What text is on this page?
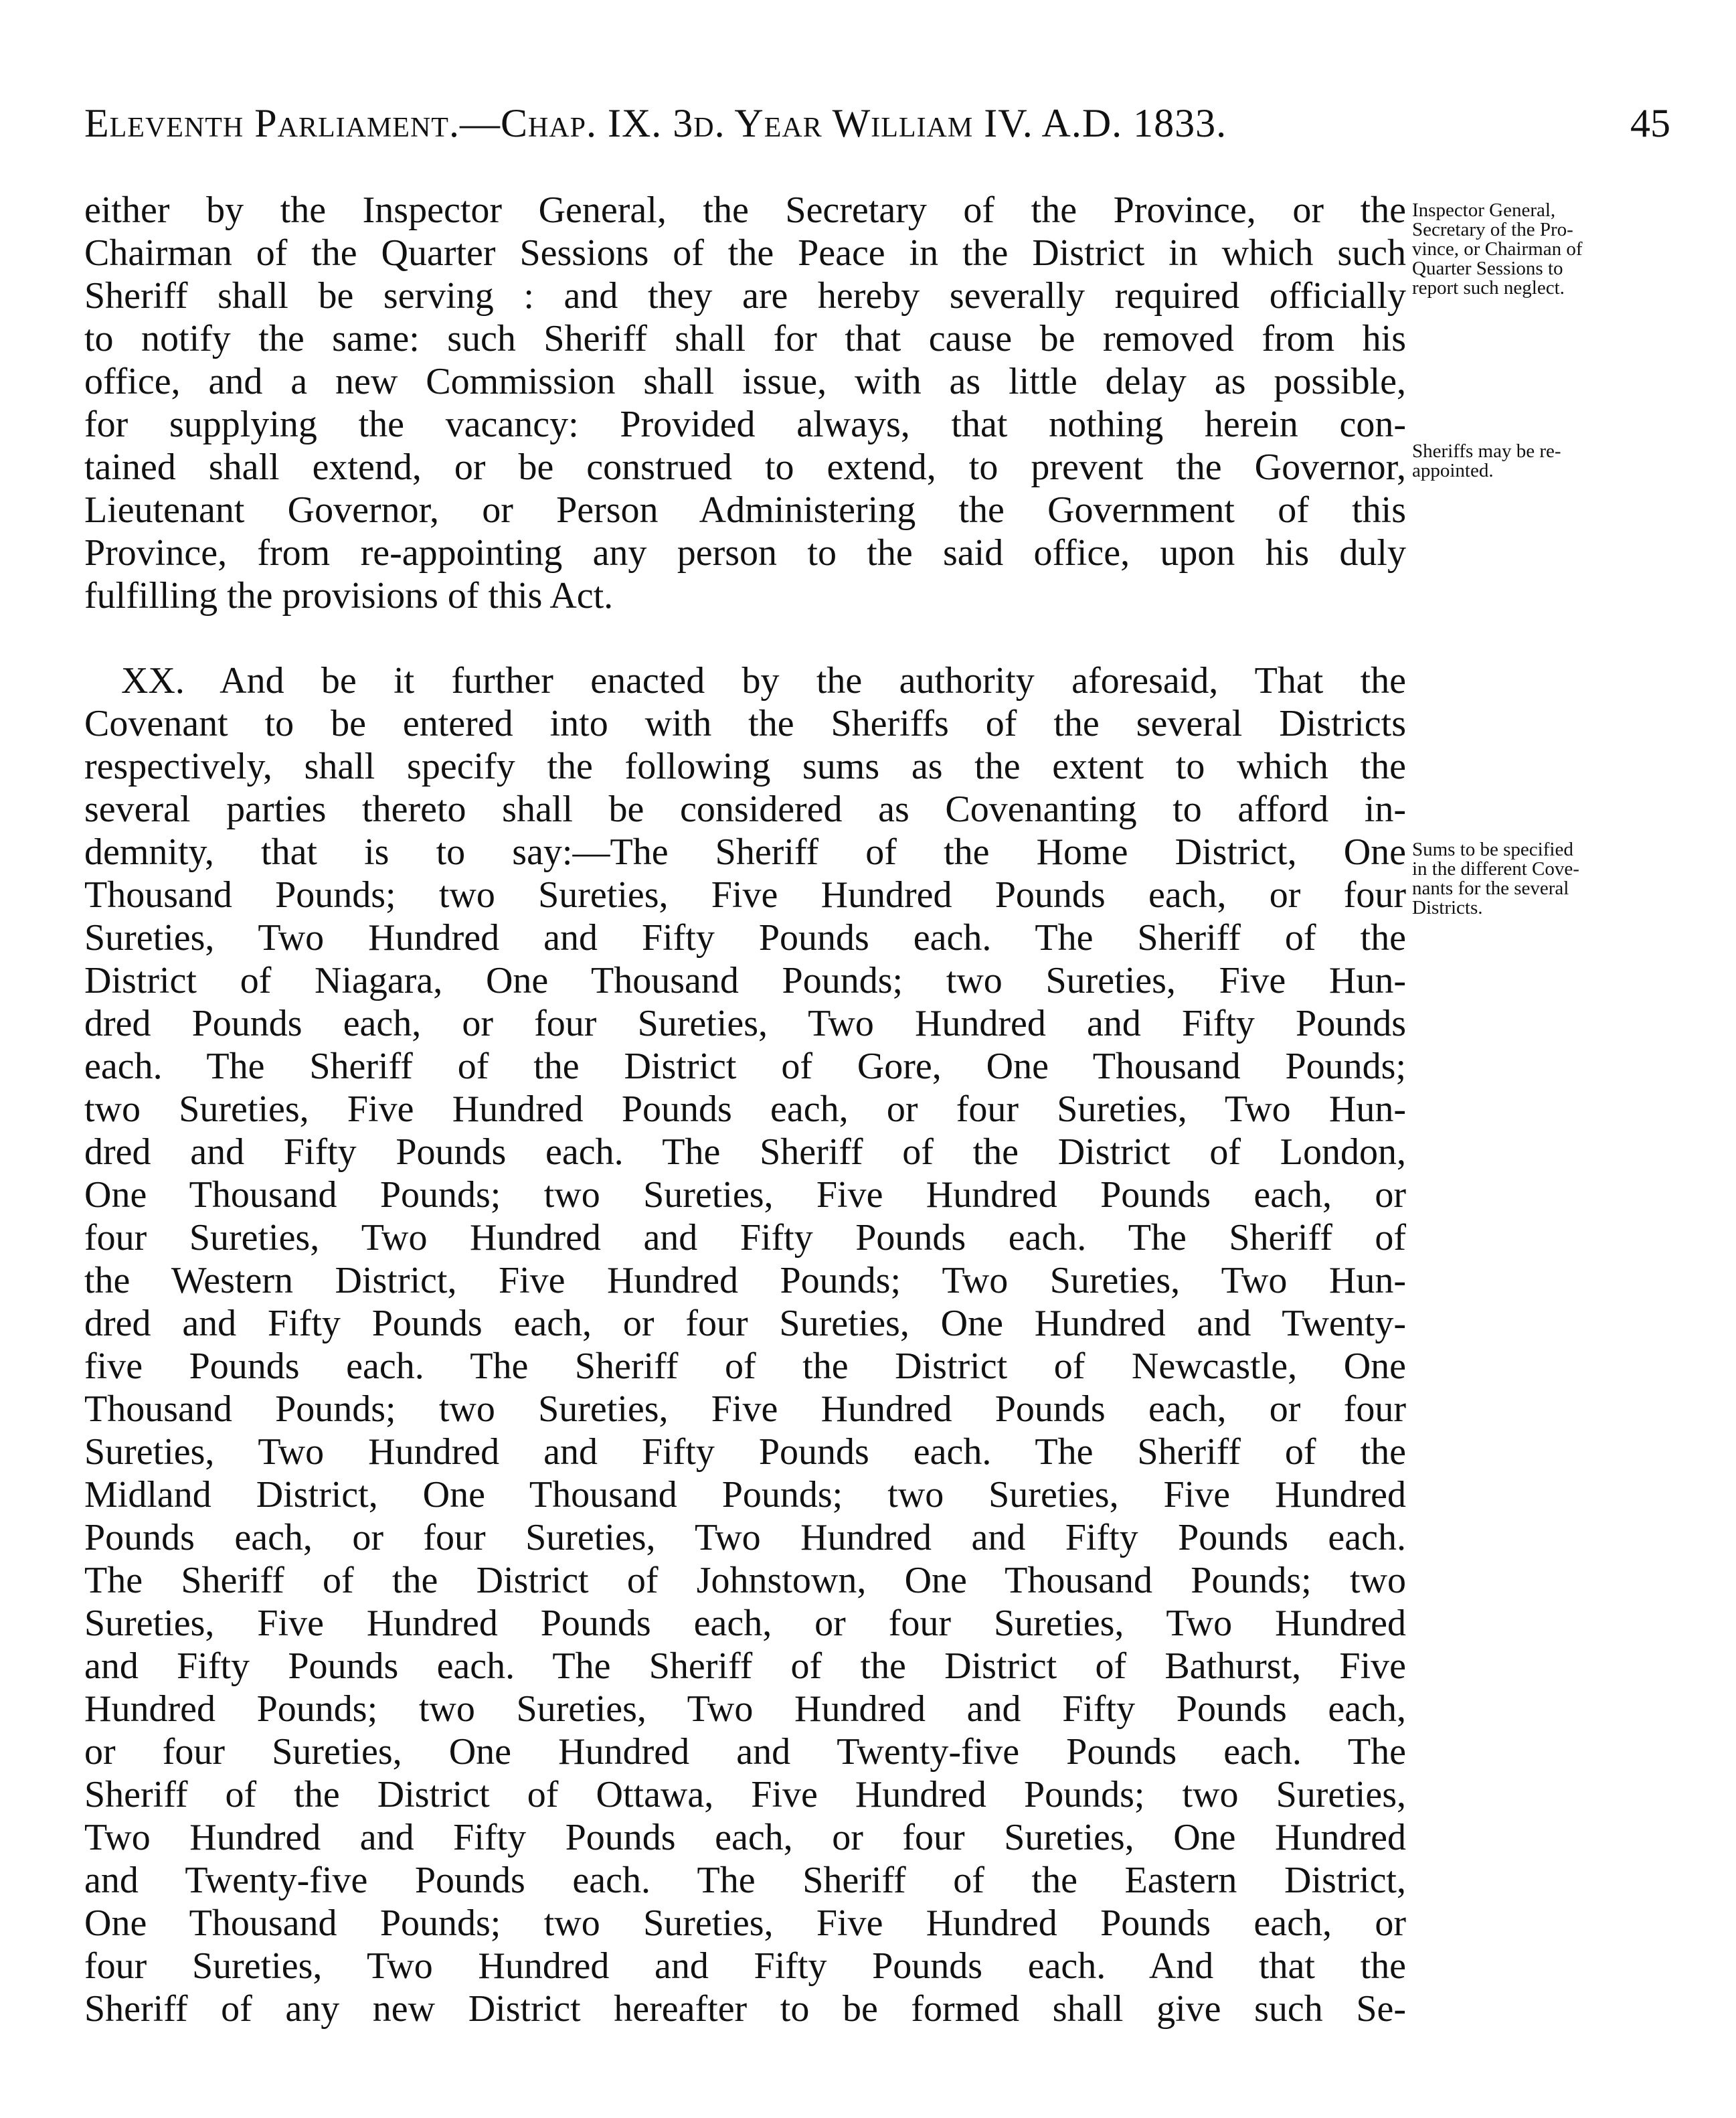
Eleventh Parliament.—Chap. IX. 3d. Year William IV. A.D. 1833.	45
either by the Inspector General, the Secretary of the Province, or the
Chairman of the Quarter Sessions of the Peace in the District in which such
Sheriff shall be serving : and they are hereby severally required officially
to notify the same: such Sheriff shall for that cause be removed from his
office, and a new Commission shall issue, with as little delay as possible,
for supplying the vacancy: Provided always, that nothing herein con-
tained shall extend, or be construed to extend, to prevent the Governor,
Lieutenant Governor, or Person Administering the Government of this
Province, from re-appointing any person to the said office, upon his duly
fulfilling the provisions of this Act.
XX. And be it further enacted by the authority aforesaid, That the
Covenant to be entered into with the Sheriffs of the several Districts
respectively, shall specify the following sums as the extent to which the
several parties thereto shall be considered as Covenanting to afford in-
demnity, that is to say:—The Sheriff of the Home District, One
Thousand Pounds; two Sureties, Five Hundred Pounds each, or four
Sureties, Two Hundred and Fifty Pounds each. The Sheriff of the
District of Niagara, One Thousand Pounds; two Sureties, Five Hun-
dred Pounds each, or four Sureties, Two Hundred and Fifty Pounds
each. The Sheriff of the District of Gore, One Thousand Pounds;
two Sureties, Five Hundred Pounds each, or four Sureties, Two Hun-
dred and Fifty Pounds each. The Sheriff of the District of London,
One Thousand Pounds; two Sureties, Five Hundred Pounds each, or
four Sureties, Two Hundred and Fifty Pounds each. The Sheriff of
the Western District, Five Hundred Pounds; Two Sureties, Two Hun-
dred and Fifty Pounds each, or four Sureties, One Hundred and Twenty-
five Pounds each. The Sheriff of the District of Newcastle, One
Thousand Pounds; two Sureties, Five Hundred Pounds each, or four
Sureties, Two Hundred and Fifty Pounds each. The Sheriff of the
Midland District, One Thousand Pounds; two Sureties, Five Hundred
Pounds each, or four Sureties, Two Hundred and Fifty Pounds each.
The Sheriff of the District of Johnstown, One Thousand Pounds; two
Sureties, Five Hundred Pounds each, or four Sureties, Two Hundred
and Fifty Pounds each. The Sheriff of the District of Bathurst, Five
Hundred Pounds; two Sureties, Two Hundred and Fifty Pounds each,
or four Sureties, One Hundred and Twenty-five Pounds each. The
Sheriff of the District of Ottawa, Five Hundred Pounds; two Sureties,
Two Hundred and Fifty Pounds each, or four Sureties, One Hundred
and Twenty-five Pounds each. The Sheriff of the Eastern District,
One Thousand Pounds; two Sureties, Five Hundred Pounds each, or
four Sureties, Two Hundred and Fifty Pounds each. And that the
Sheriff of any new District hereafter to be formed shall give such Se-
Inspector General,
Secretary of the Pro-
vince, or Chairman of
Quarter Sessions to
report such neglect.
Sheriffs may be re-
appointed.
Sums to be specified
in the different Cove-
nants for the several
Districts.
